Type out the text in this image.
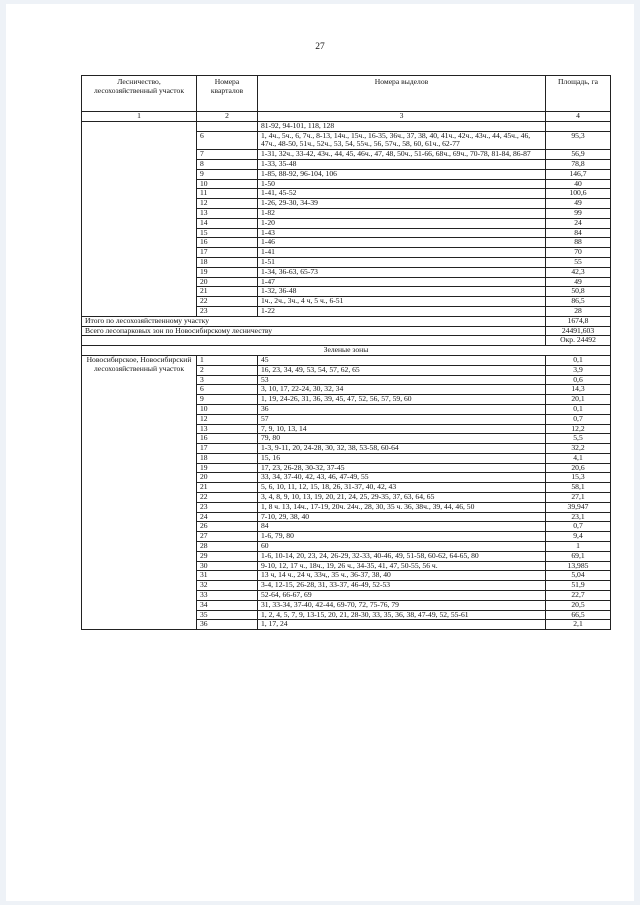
27
Лесничество, лесохозяйственный участок	Номера кварталов	Номера выделов	Площадь, га
1	2	3	4
		81-92, 94-101, 118, 128	
	6	1, 4ч., 5ч., 6, 7ч., 8-13, 14ч., 15ч., 16-35, 36ч., 37, 38, 40, 41ч., 42ч., 43ч., 44, 45ч., 46, 47ч., 48-50, 51ч., 52ч., 53, 54, 55ч., 56, 57ч., 58, 60, 61ч., 62-77	95,3
	7	1-31, 32ч., 33-42, 43ч., 44, 45, 46ч., 47, 48, 50ч., 51-66, 68ч., 69ч., 70-78, 81-84, 86-87	56,9
	8	1-33, 35-48	78,8
	9	1-85, 88-92, 96-104, 106	146,7
	10	1-50	40
	11	1-41, 45-52	100,6
	12	1-26, 29-30, 34-39	49
	13	1-82	99
	14	1-20	24
	15	1-43	84
	16	1-46	88
	17	1-41	70
	18	1-51	55
	19	1-34, 36-63, 65-73	42,3
	20	1-47	49
	21	1-32, 36-48	50,8
	22	1ч., 2ч., 3ч., 4 ч, 5 ч., 6-51	86,5
	23	1-22	28
Итого по лесохозяйственному участку			1674,8
Всего лесопарковых зон по Новосибирскому лесничеству			24491,603
			Окр. 24492
Зеленые зоны			
Новосибирское, Новосибирский лесохозяйственный участок	1	45	0,1
	2	16, 23, 34, 49, 53, 54, 57, 62, 65	3,9
	3	53	0,6
	6	3, 10, 17, 22-24, 30, 32, 34	14,3
	9	1, 19, 24-26, 31, 36, 39, 45, 47, 52, 56, 57, 59, 60	20,1
	10	36	0,1
	12	57	0,7
	13	7, 9, 10, 13, 14	12,2
	16	79, 80	5,5
	17	1-3, 9-11, 20, 24-28, 30, 32, 38, 53-58, 60-64	32,2
	18	15, 16	4,1
	19	17, 23, 26-28, 30-32, 37-45	20,6
	20	33, 34, 37-40, 42, 43, 46, 47-49, 55	15,3
	21	5, 6, 10, 11, 12, 15, 18, 26, 31-37, 40, 42, 43	58,1
	22	3, 4, 8, 9, 10, 13, 19, 20, 21, 24, 25, 29-35, 37, 63, 64, 65	27,1
	23	1, 8 ч. 13, 14ч., 17-19, 20ч. 24ч., 28, 30, 35 ч. 36, 38ч., 39, 44, 46, 50	39,947
	24	7-10, 29, 38, 40	23,1
	26	84	0,7
	27	1-6, 79, 80	9,4
	28	60	1
	29	1-6, 10-14, 20, 23, 24, 26-29, 32-33, 40-46, 49, 51-58, 60-62, 64-65, 80	69,1
	30	9-10, 12, 17 ч., 18ч., 19, 26 ч., 34-35, 41, 47, 50-55, 56 ч.	13,985
	31	13 ч, 14 ч., 24 ч, 33ч,, 35 ч., 36-37, 38, 40	5,04
	32	3-4, 12-15, 26-28, 31, 33-37, 46-49, 52-53	51,9
	33	52-64, 66-67, 69	22,7
	34	31, 33-34, 37-40, 42-44, 69-70, 72, 75-76, 79	20,5
	35	1, 2, 4, 5, 7, 9, 13-15, 20, 21, 28-30, 33, 35, 36, 38, 47-49, 52, 55-61	66,5
	36	1, 17, 24	2,1
